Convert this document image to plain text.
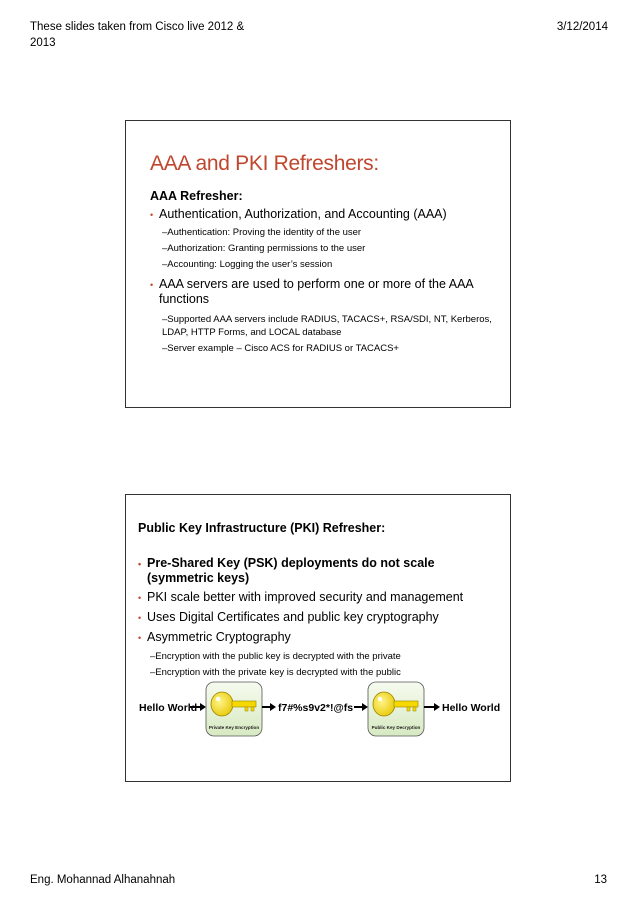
These slides taken from Cisco live 2012 & 2013
3/12/2014
AAA and PKI Refreshers:
AAA Refresher:
• Authentication, Authorization, and Accounting (AAA)
–Authentication: Proving the identity of the user
–Authorization: Granting permissions to the user
–Accounting: Logging the user’s session
• AAA servers are used to perform one or more of the AAA functions
–Supported AAA servers include RADIUS, TACACS+, RSA/SDI, NT, Kerberos, LDAP, HTTP Forms, and LOCAL database
–Server example – Cisco ACS for RADIUS or TACACS+
Public Key Infrastructure (PKI) Refresher:
• Pre-Shared Key (PSK) deployments do not scale (symmetric keys)
• PKI scale better with improved security and management
• Uses Digital Certificates and public key cryptography
• Asymmetric Cryptography
–Encryption with the public key is decrypted with the private
–Encryption with the private key is decrypted with the public
Hello World
Private Key Encryption
f7#%s9v2*!@fs
Public Key Decryption
Hello World
Eng. Mohannad Alhanahnah	13
